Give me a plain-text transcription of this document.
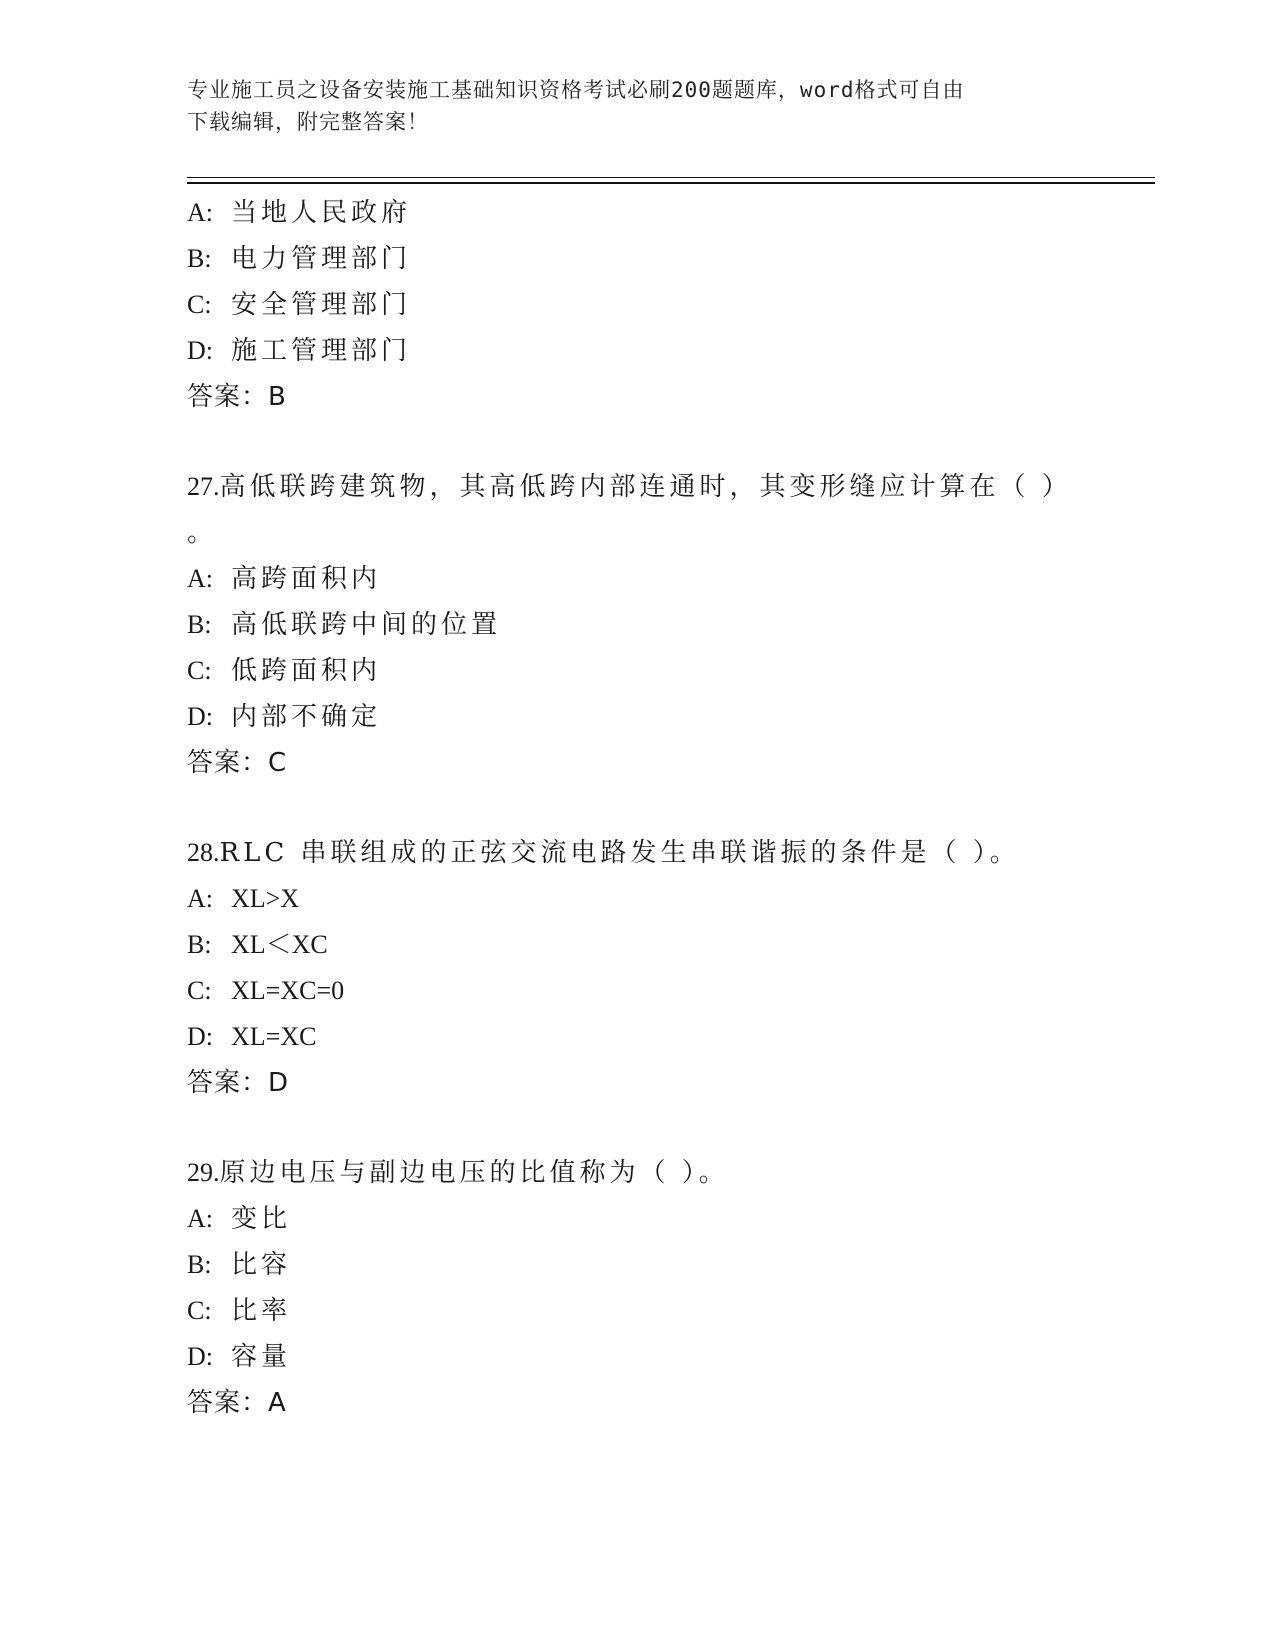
专业施工员之设备安装施工基础知识资格考试必刷200题题库，word格式可自由
下载编辑，附完整答案！
A: 当地人民政府
B: 电力管理部门
C: 安全管理部门
D: 施工管理部门
答案：B
27.高低联跨建筑物，其高低跨内部连通时，其变形缝应计算在（ ）
。
A: 高跨面积内
B: 高低联跨中间的位置
C: 低跨面积内
D: 内部不确定
答案：C
28.RLC 串联组成的正弦交流电路发生串联谐振的条件是（ ）。
A: XL>X
B: XL＜XC
C: XL=XC=0
D: XL=XC
答案：D
29.原边电压与副边电压的比值称为（ ）。
A: 变比
B: 比容
C: 比率
D: 容量
答案：A
